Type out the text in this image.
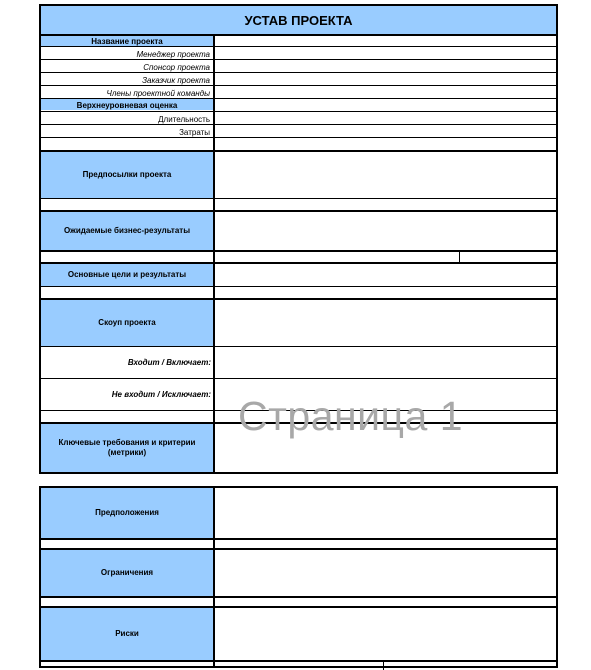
УСТАВ ПРОЕКТА
Название проекта
Менеджер проекта
Спонсор проекта
Заказчик проекта
Члены проектной команды
Верхнеуровневая оценка
Длительность
Затраты
Предпосылки проекта
Ожидаемые бизнес-результаты
Основные цели и результаты
Скоуп проекта
Входит / Включает:
Не входит / Исключает:
Ключевые требования и критерии (метрики)
Предположения
Ограничения
Риски
Страница 1
